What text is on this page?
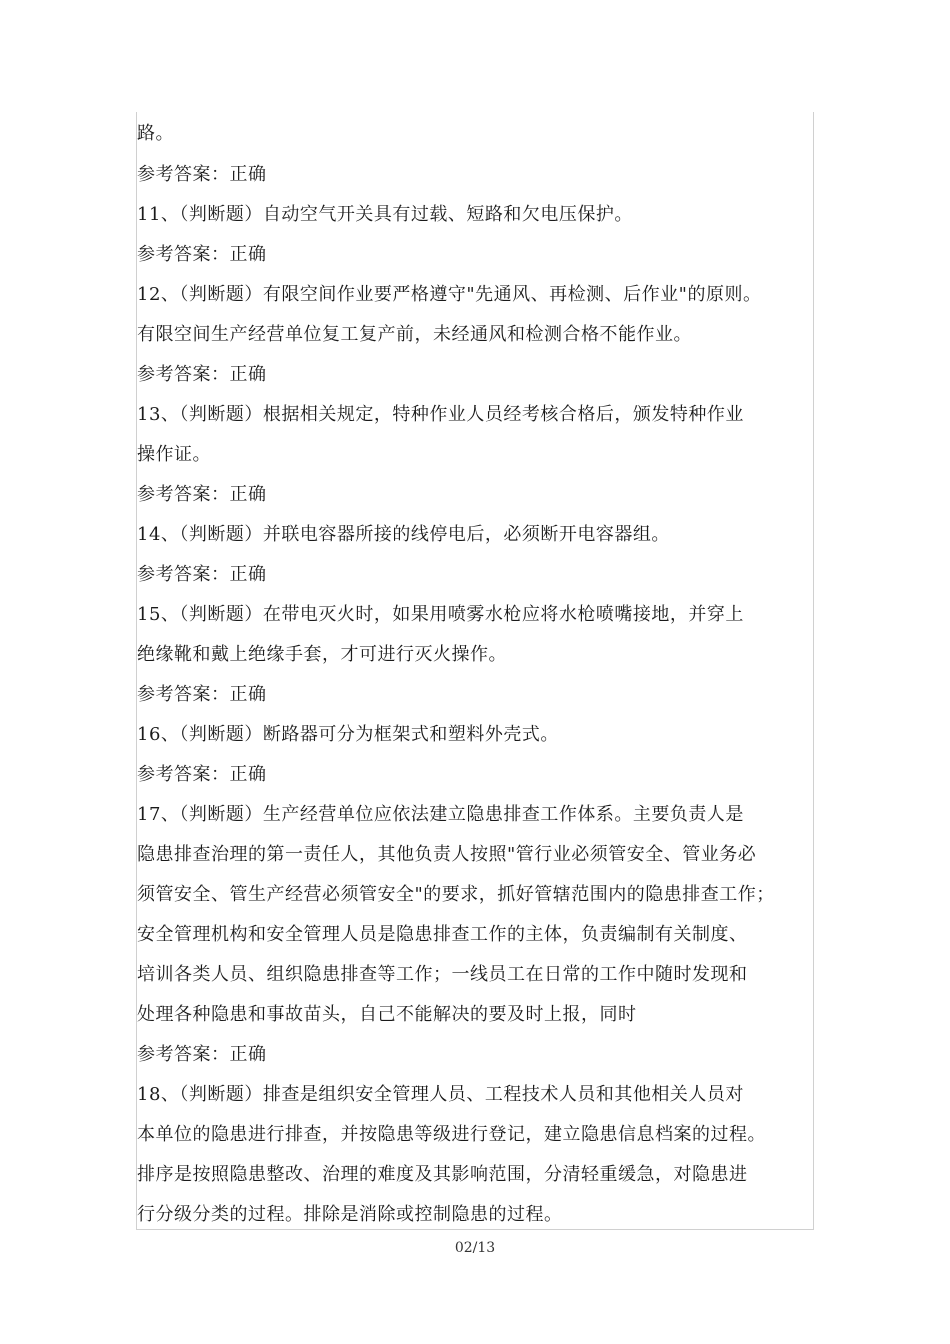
路。
参考答案：正确
11、（判断题）自动空气开关具有过载、短路和欠电压保护。
参考答案：正确
12、（判断题）有限空间作业要严格遵守"先通风、再检测、后作业"的原则。
有限空间生产经营单位复工复产前，未经通风和检测合格不能作业。
参考答案：正确
13、（判断题）根据相关规定，特种作业人员经考核合格后，颁发特种作业
操作证。
参考答案：正确
14、（判断题）并联电容器所接的线停电后，必须断开电容器组。
参考答案：正确
15、（判断题）在带电灭火时，如果用喷雾水枪应将水枪喷嘴接地，并穿上
绝缘靴和戴上绝缘手套，才可进行灭火操作。
参考答案：正确
16、（判断题）断路器可分为框架式和塑料外壳式。
参考答案：正确
17、（判断题）生产经营单位应依法建立隐患排查工作体系。主要负责人是
隐患排查治理的第一责任人，其他负责人按照"管行业必须管安全、管业务必
须管安全、管生产经营必须管安全"的要求，抓好管辖范围内的隐患排查工作；
安全管理机构和安全管理人员是隐患排查工作的主体，负责编制有关制度、
培训各类人员、组织隐患排查等工作；一线员工在日常的工作中随时发现和
处理各种隐患和事故苗头，自己不能解决的要及时上报，同时
参考答案：正确
18、（判断题）排查是组织安全管理人员、工程技术人员和其他相关人员对
本单位的隐患进行排查，并按隐患等级进行登记，建立隐患信息档案的过程。
排序是按照隐患整改、治理的难度及其影响范围，分清轻重缓急，对隐患进
行分级分类的过程。排除是消除或控制隐患的过程。
02/13
